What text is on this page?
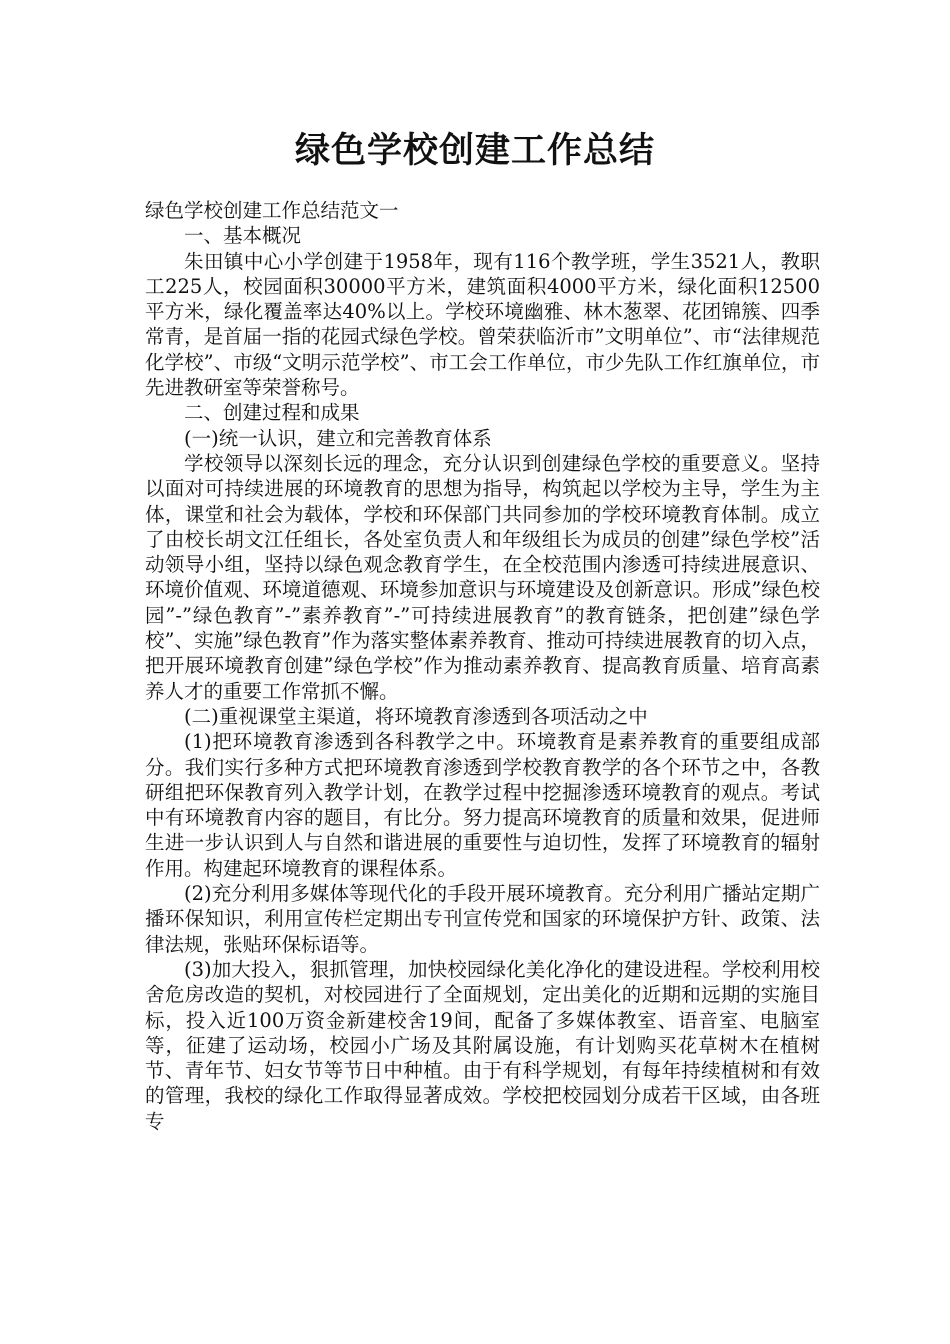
绿色学校创建工作总结

绿色学校创建工作总结范文一

一、基本概况

朱田镇中心小学创建于1958年，现有116个教学班，学生3521人，教职工225人，校园面积30000平方米，建筑面积4000平方米，绿化面积12500平方米，绿化覆盖率达40%以上。学校环境幽雅、林木葱翠、花团锦簇、四季常青，是首届一指的花园式绿色学校。曾荣获临沂市”文明单位”、市“法律规范化学校”、市级“文明示范学校”、市工会工作单位，市少先队工作红旗单位，市先进教研室等荣誉称号。

二、创建过程和成果

(一)统一认识，建立和完善教育体系

学校领导以深刻长远的理念，充分认识到创建绿色学校的重要意义。坚持以面对可持续进展的环境教育的思想为指导，构筑起以学校为主导，学生为主体，课堂和社会为载体，学校和环保部门共同参加的学校环境教育体制。成立了由校长胡文江任组长，各处室负责人和年级组长为成员的创建”绿色学校”活动领导小组，坚持以绿色观念教育学生，在全校范围内渗透可持续进展意识、环境价值观、环境道德观、环境参加意识与环境建设及创新意识。形成”绿色校园”-”绿色教育”-”素养教育”-”可持续进展教育”的教育链条，把创建”绿色学校”、实施”绿色教育”作为落实整体素养教育、推动可持续进展教育的切入点，把开展环境教育创建”绿色学校”作为推动素养教育、提高教育质量、培育高素养人才的重要工作常抓不懈。

(二)重视课堂主渠道，将环境教育渗透到各项活动之中

(1)把环境教育渗透到各科教学之中。环境教育是素养教育的重要组成部分。我们实行多种方式把环境教育渗透到学校教育教学的各个环节之中，各教研组把环保教育列入教学计划，在教学过程中挖掘渗透环境教育的观点。考试中有环境教育内容的题目，有比分。努力提高环境教育的质量和效果，促进师生进一步认识到人与自然和谐进展的重要性与迫切性，发挥了环境教育的辐射作用。构建起环境教育的课程体系。

(2)充分利用多媒体等现代化的手段开展环境教育。充分利用广播站定期广播环保知识，利用宣传栏定期出专刊宣传党和国家的环境保护方针、政策、法律法规，张贴环保标语等。

(3)加大投入，狠抓管理，加快校园绿化美化净化的建设进程。学校利用校舍危房改造的契机，对校园进行了全面规划，定出美化的近期和远期的实施目标，投入近100万资金新建校舍19间，配备了多媒体教室、语音室、电脑室等，征建了运动场，校园小广场及其附属设施，有计划购买花草树木在植树节、青年节、妇女节等节日中种植。由于有科学规划，有每年持续植树和有效的管理，我校的绿化工作取得显著成效。学校把校园划分成若干区域，由各班专
